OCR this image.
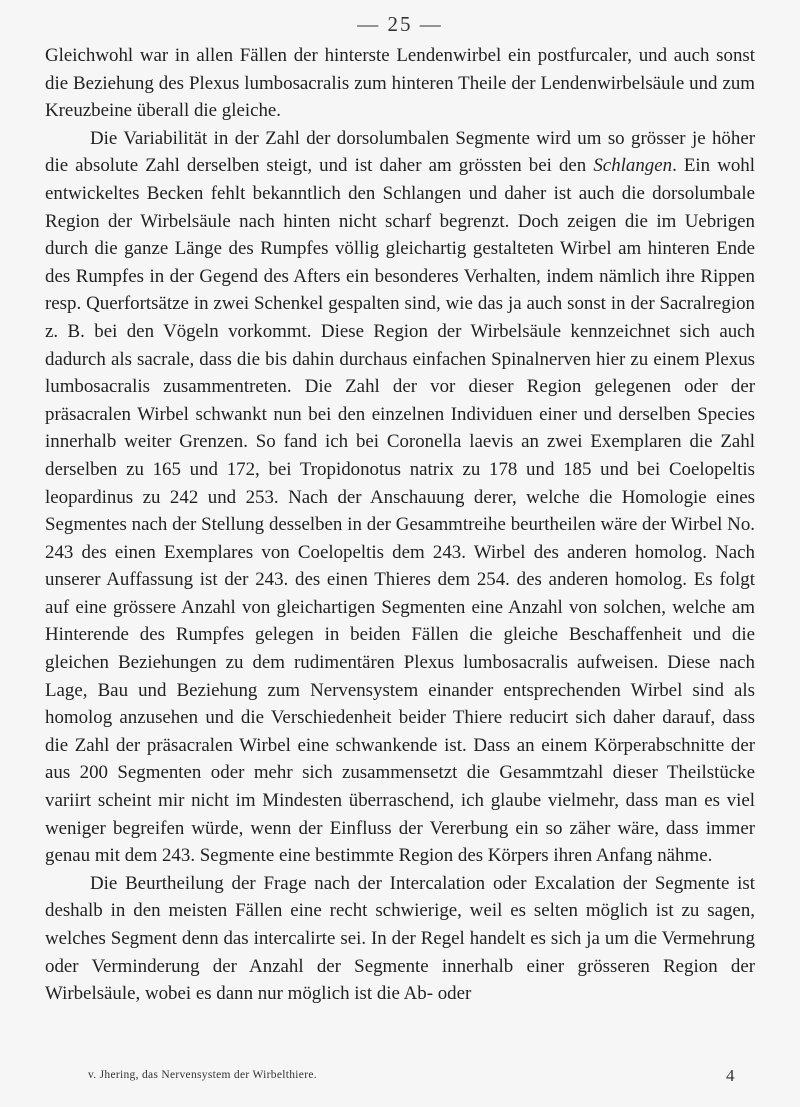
— 25 —

Gleichwohl war in allen Fällen der hinterste Lendenwirbel ein postfurcaler, und auch sonst die Beziehung des Plexus lumbosacralis zum hinteren Theile der Lendenwirbelsäule und zum Kreuzbeine überall die gleiche.

Die Variabilität in der Zahl der dorsolumbalen Segmente wird um so grösser je höher die absolute Zahl derselben steigt, und ist daher am grössten bei den Schlangen. Ein wohl entwickeltes Becken fehlt bekanntlich den Schlangen und daher ist auch die dorsolumbale Region der Wirbelsäule nach hinten nicht scharf begrenzt. Doch zeigen die im Uebrigen durch die ganze Länge des Rumpfes völlig gleichartig gestalteten Wirbel am hinteren Ende des Rumpfes in der Gegend des Afters ein besonderes Verhalten, indem nämlich ihre Rippen resp. Querfortsätze in zwei Schenkel gespalten sind, wie das ja auch sonst in der Sacralregion z. B. bei den Vögeln vorkommt. Diese Region der Wirbelsäule kennzeichnet sich auch dadurch als sacrale, dass die bis dahin durchaus einfachen Spinalnerven hier zu einem Plexus lumbosacralis zusammentreten. Die Zahl der vor dieser Region gelegenen oder der präsacralen Wirbel schwankt nun bei den einzelnen Individuen einer und derselben Species innerhalb weiter Grenzen. So fand ich bei Coronella laevis an zwei Exemplaren die Zahl derselben zu 165 und 172, bei Tropidonotus natrix zu 178 und 185 und bei Coelopeltis leopardinus zu 242 und 253. Nach der Anschauung derer, welche die Homologie eines Segmentes nach der Stellung desselben in der Gesammtreihe beurtheilen wäre der Wirbel No. 243 des einen Exemplares von Coelopeltis dem 243. Wirbel des anderen homolog. Nach unserer Auffassung ist der 243. des einen Thieres dem 254. des anderen homolog. Es folgt auf eine grössere Anzahl von gleichartigen Segmenten eine Anzahl von solchen, welche am Hinterende des Rumpfes gelegen in beiden Fällen die gleiche Beschaffenheit und die gleichen Beziehungen zu dem rudimentären Plexus lumbosacralis aufweisen. Diese nach Lage, Bau und Beziehung zum Nervensystem einander entsprechenden Wirbel sind als homolog anzusehen und die Verschiedenheit beider Thiere reducirt sich daher darauf, dass die Zahl der präsacralen Wirbel eine schwankende ist. Dass an einem Körperabschnitte der aus 200 Segmenten oder mehr sich zusammensetzt die Gesammtzahl dieser Theilstücke variirt scheint mir nicht im Mindesten überraschend, ich glaube vielmehr, dass man es viel weniger begreifen würde, wenn der Einfluss der Vererbung ein so zäher wäre, dass immer genau mit dem 243. Segmente eine bestimmte Region des Körpers ihren Anfang nähme.

Die Beurtheilung der Frage nach der Intercalation oder Excalation der Segmente ist deshalb in den meisten Fällen eine recht schwierige, weil es selten möglich ist zu sagen, welches Segment denn das intercalirte sei. In der Regel handelt es sich ja um die Vermehrung oder Verminderung der Anzahl der Segmente innerhalb einer grösseren Region der Wirbelsäule, wobei es dann nur möglich ist die Ab- oder

v. Jhering, das Nervensystem der Wirbelthiere.	4
